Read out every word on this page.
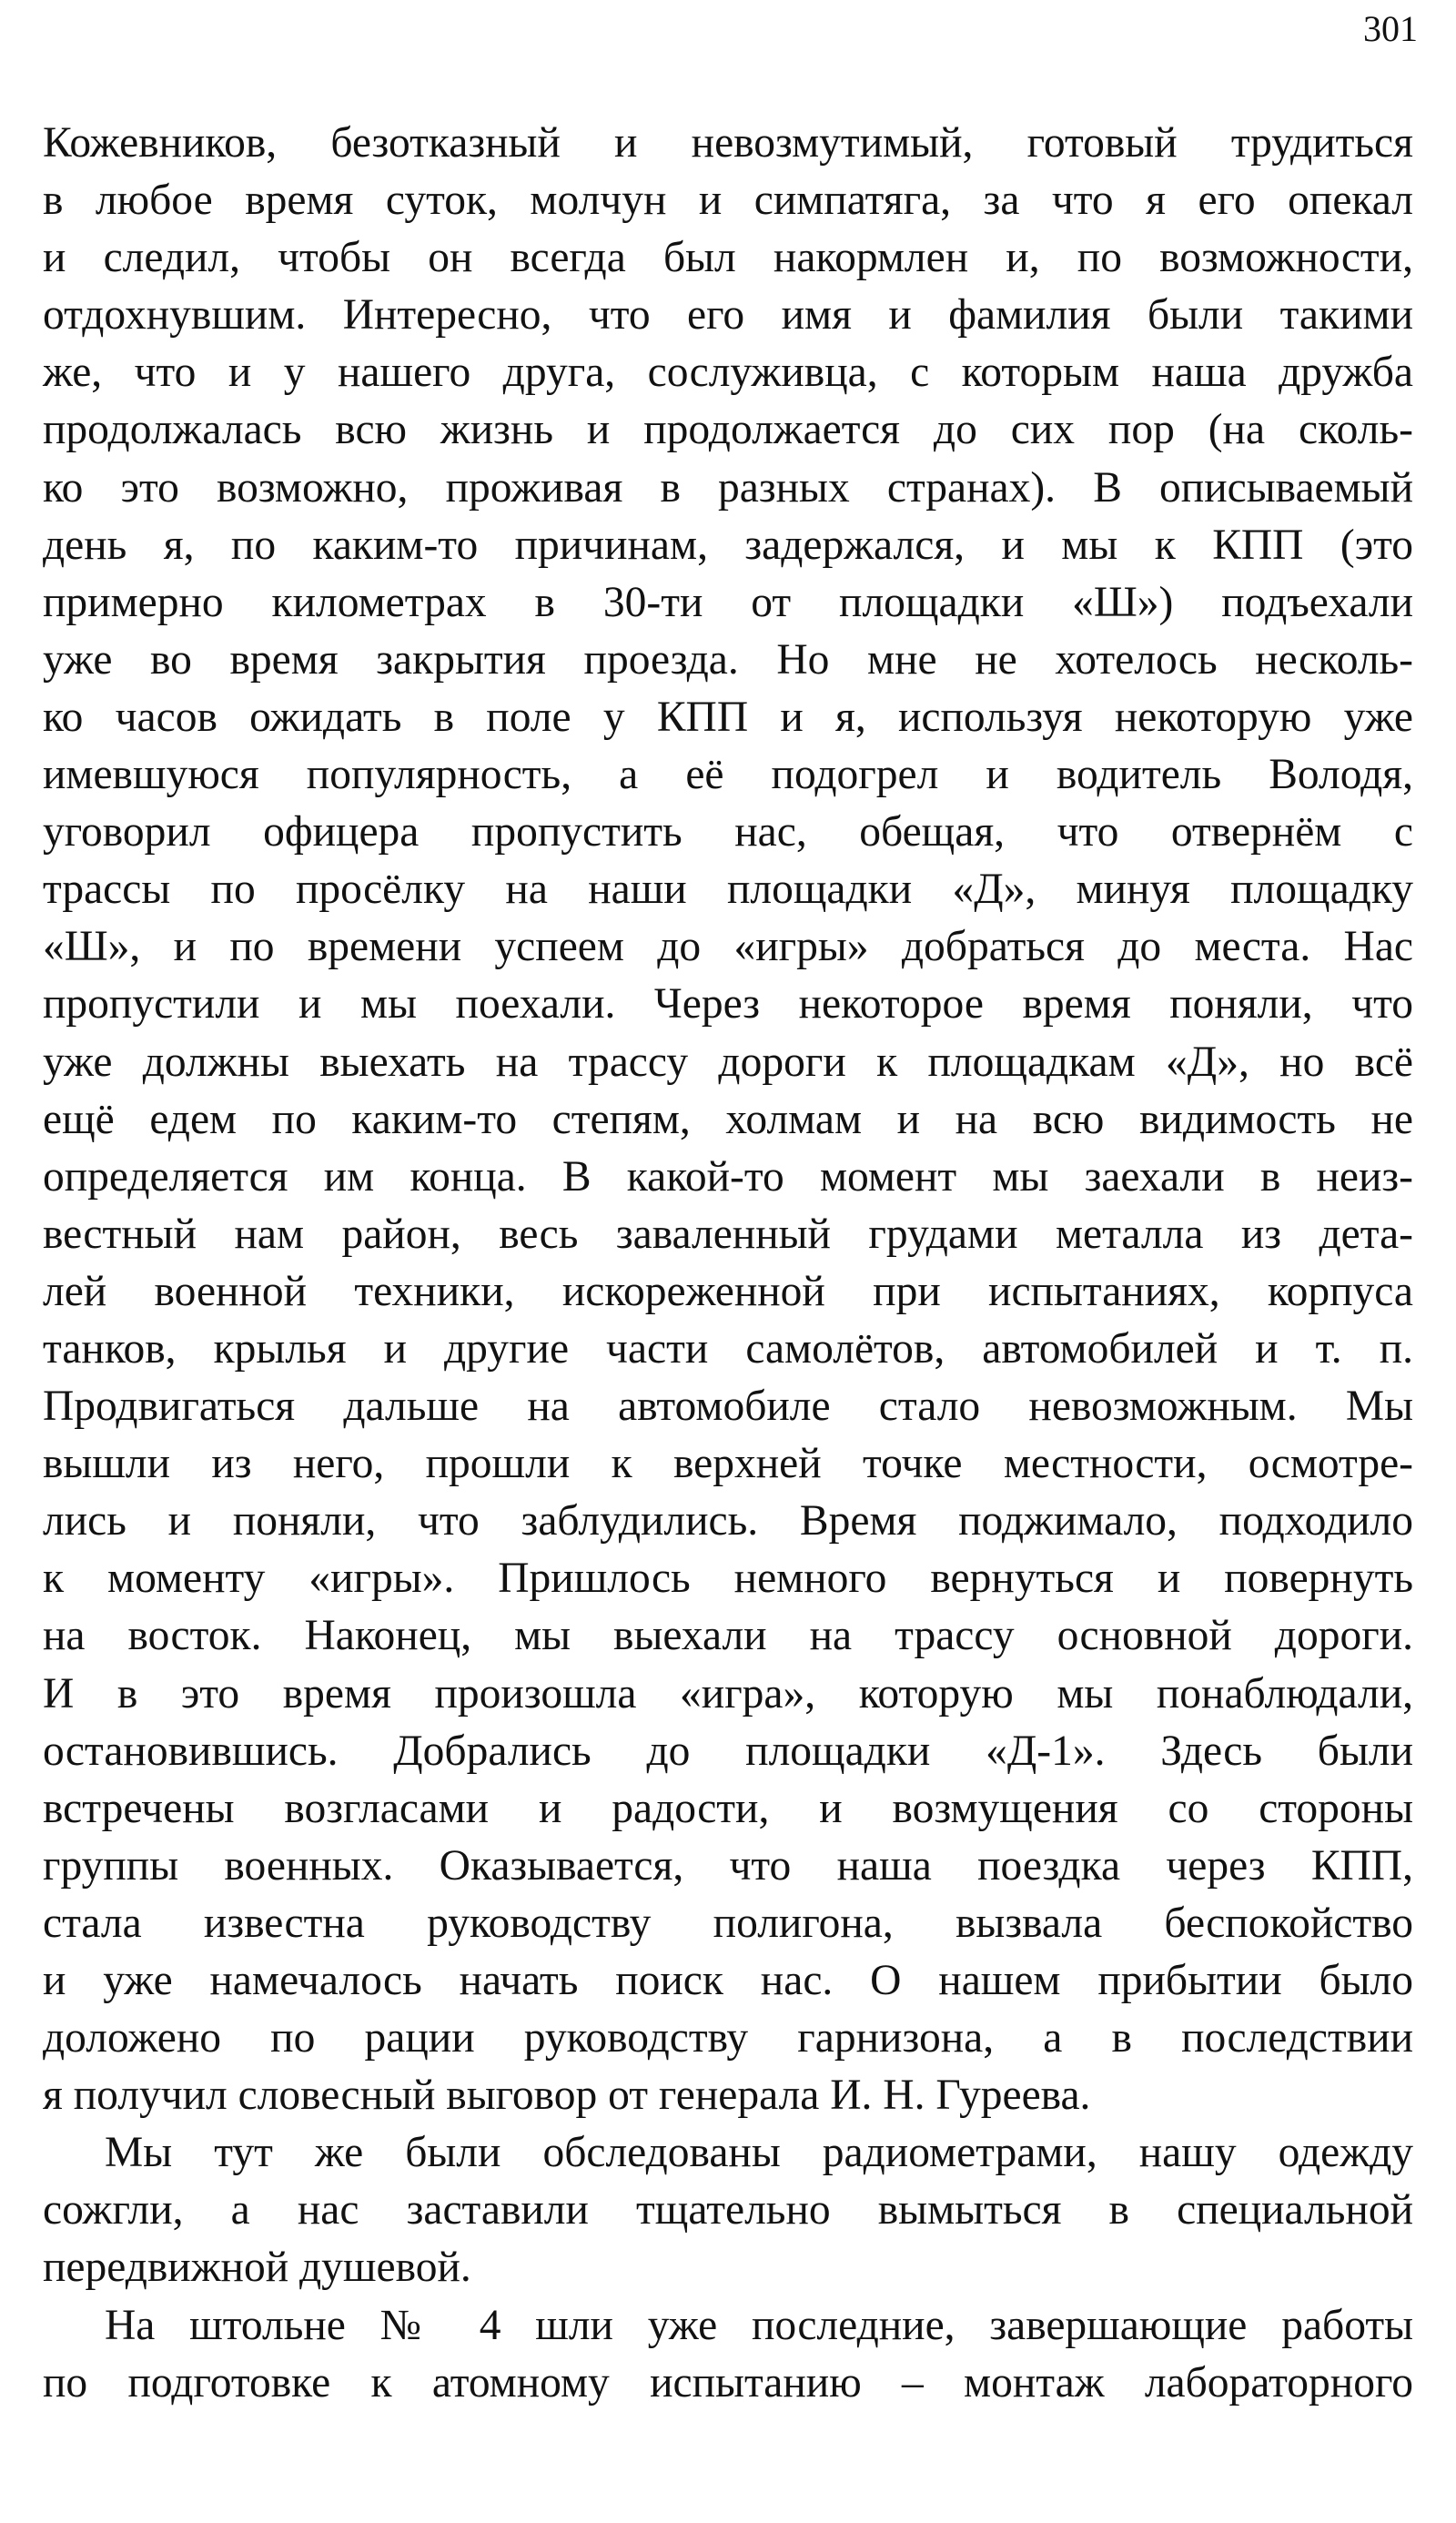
301
Кожевников, безотказный и невозмутимый, готовый трудиться
в любое время суток, молчун и симпатяга, за что я его опекал
и следил, чтобы он всегда был накормлен и, по возможности,
отдохнувшим. Интересно, что его имя и фамилия были такими
же, что и у нашего друга, сослуживца, с которым наша дружба
продолжалась всю жизнь и продолжается до сих пор (на сколь-
ко это возможно, проживая в разных странах). В описываемый
день я, по каким-то причинам, задержался, и мы к КПП (это
примерно километрах в 30-ти от площадки «Ш») подъехали
уже во время закрытия проезда. Но мне не хотелось несколь-
ко часов ожидать в поле у КПП и я, используя некоторую уже
имевшуюся популярность, а её подогрел и водитель Володя,
уговорил офицера пропустить нас, обещая, что отвернём с
трассы по просёлку на наши площадки «Д», минуя площадку
«Ш», и по времени успеем до «игры» добраться до места. Нас
пропустили и мы поехали. Через некоторое время поняли, что
уже должны выехать на трассу дороги к площадкам «Д», но всё
ещё едем по каким-то степям, холмам и на всю видимость не
определяется им конца. В какой-то момент мы заехали в неиз-
вестный нам район, весь заваленный грудами металла из дета-
лей военной техники, искореженной при испытаниях, корпуса
танков, крылья и другие части самолётов, автомобилей и т. п.
Продвигаться дальше на автомобиле стало невозможным. Мы
вышли из него, прошли к верхней точке местности, осмотре-
лись и поняли, что заблудились. Время поджимало, подходило
к моменту «игры». Пришлось немного вернуться и повернуть
на восток. Наконец, мы выехали на трассу основной дороги.
И в это время произошла «игра», которую мы понаблюдали,
остановившись. Добрались до площадки «Д-1». Здесь были
встречены возгласами и радости, и возмущения со стороны
группы военных. Оказывается, что наша поездка через КПП,
стала известна руководству полигона, вызвала беспокойство
и уже намечалось начать поиск нас. О нашем прибытии было
доложено по рации руководству гарнизона, а в последствии
я получил словесный выговор от генерала И. Н. Гуреева.
Мы тут же были обследованы радиометрами, нашу одежду
сожгли, а нас заставили тщательно вымыться в специальной
передвижной душевой.
На штольне № 4 шли уже последние, завершающие работы
по подготовке к атомному испытанию – монтаж лабораторного
